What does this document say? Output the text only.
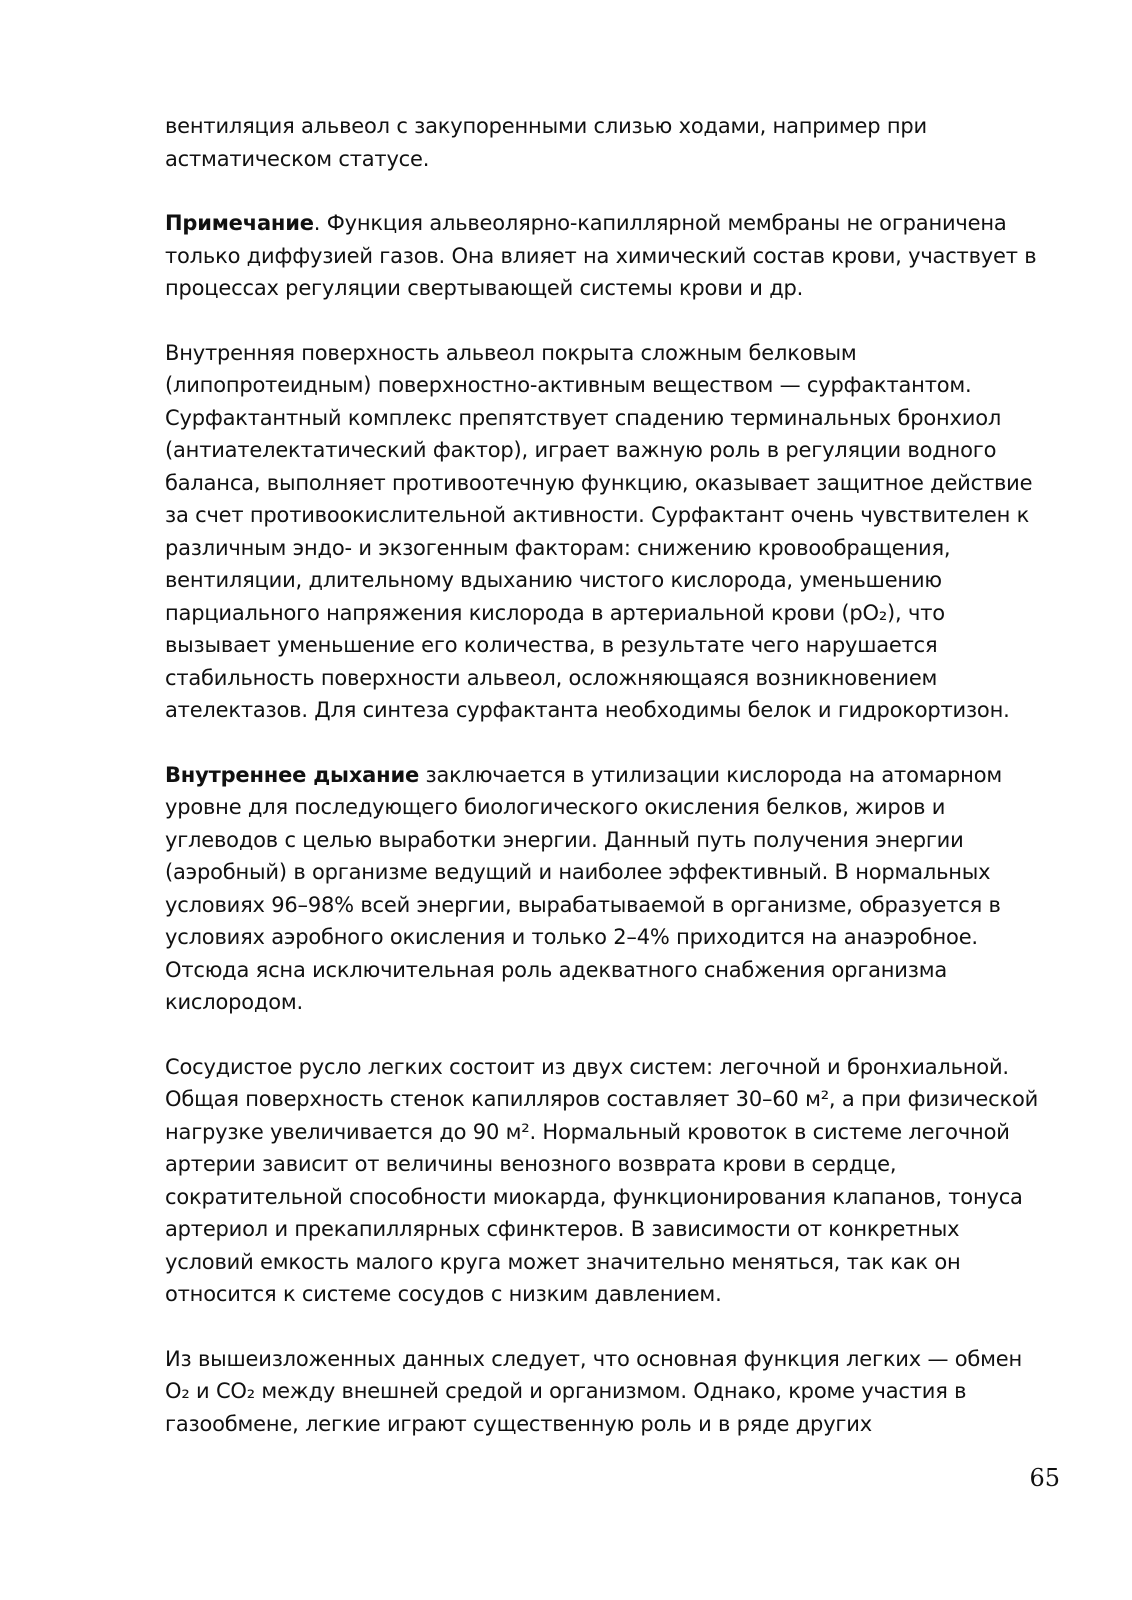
вентиляция альвеол с закупоренными слизью ходами, например при астматическом статусе.

Примечание. Функция альвеолярно-капиллярной мембраны не ограничена только диффузией газов. Она влияет на химический состав крови, участвует в процессах регуляции свертывающей системы крови и др.

Внутренняя поверхность альвеол покрыта сложным белковым (липопротеидным) поверхностно-активным веществом — сурфактантом. Сурфактантный комплекс препятствует спадению терминальных бронхиол (антиателектатический фактор), играет важную роль в регуляции водного баланса, выполняет противоотечную функцию, оказывает защитное действие за счет противоокислительной активности. Сурфактант очень чувствителен к различным эндо- и экзогенным факторам: снижению кровообращения, вентиляции, длительному вдыханию чистого кислорода, уменьшению парциального напряжения кислорода в артериальной крови (pO₂), что вызывает уменьшение его количества, в результате чего нарушается стабильность поверхности альвеол, осложняющаяся возникновением ателектазов. Для синтеза сурфактанта необходимы белок и гидрокортизон.

Внутреннее дыхание заключается в утилизации кислорода на атомарном уровне для последующего биологического окисления белков, жиров и углеводов с целью выработки энергии. Данный путь получения энергии (аэробный) в организме ведущий и наиболее эффективный. В нормальных условиях 96–98% всей энергии, вырабатываемой в организме, образуется в условиях аэробного окисления и только 2–4% приходится на анаэробное. Отсюда ясна исключительная роль адекватного снабжения организма кислородом.

Сосудистое русло легких состоит из двух систем: легочной и бронхиальной. Общая поверхность стенок капилляров составляет 30–60 м², а при физической нагрузке увеличивается до 90 м². Нормальный кровоток в системе легочной артерии зависит от величины венозного возврата крови в сердце, сократительной способности миокарда, функционирования клапанов, тонуса артериол и прекапиллярных сфинктеров. В зависимости от конкретных условий емкость малого круга может значительно меняться, так как он относится к системе сосудов с низким давлением.

Из вышеизложенных данных следует, что основная функция легких — обмен O₂ и CO₂ между внешней средой и организмом. Однако, кроме участия в газообмене, легкие играют существенную роль и в ряде других

65
